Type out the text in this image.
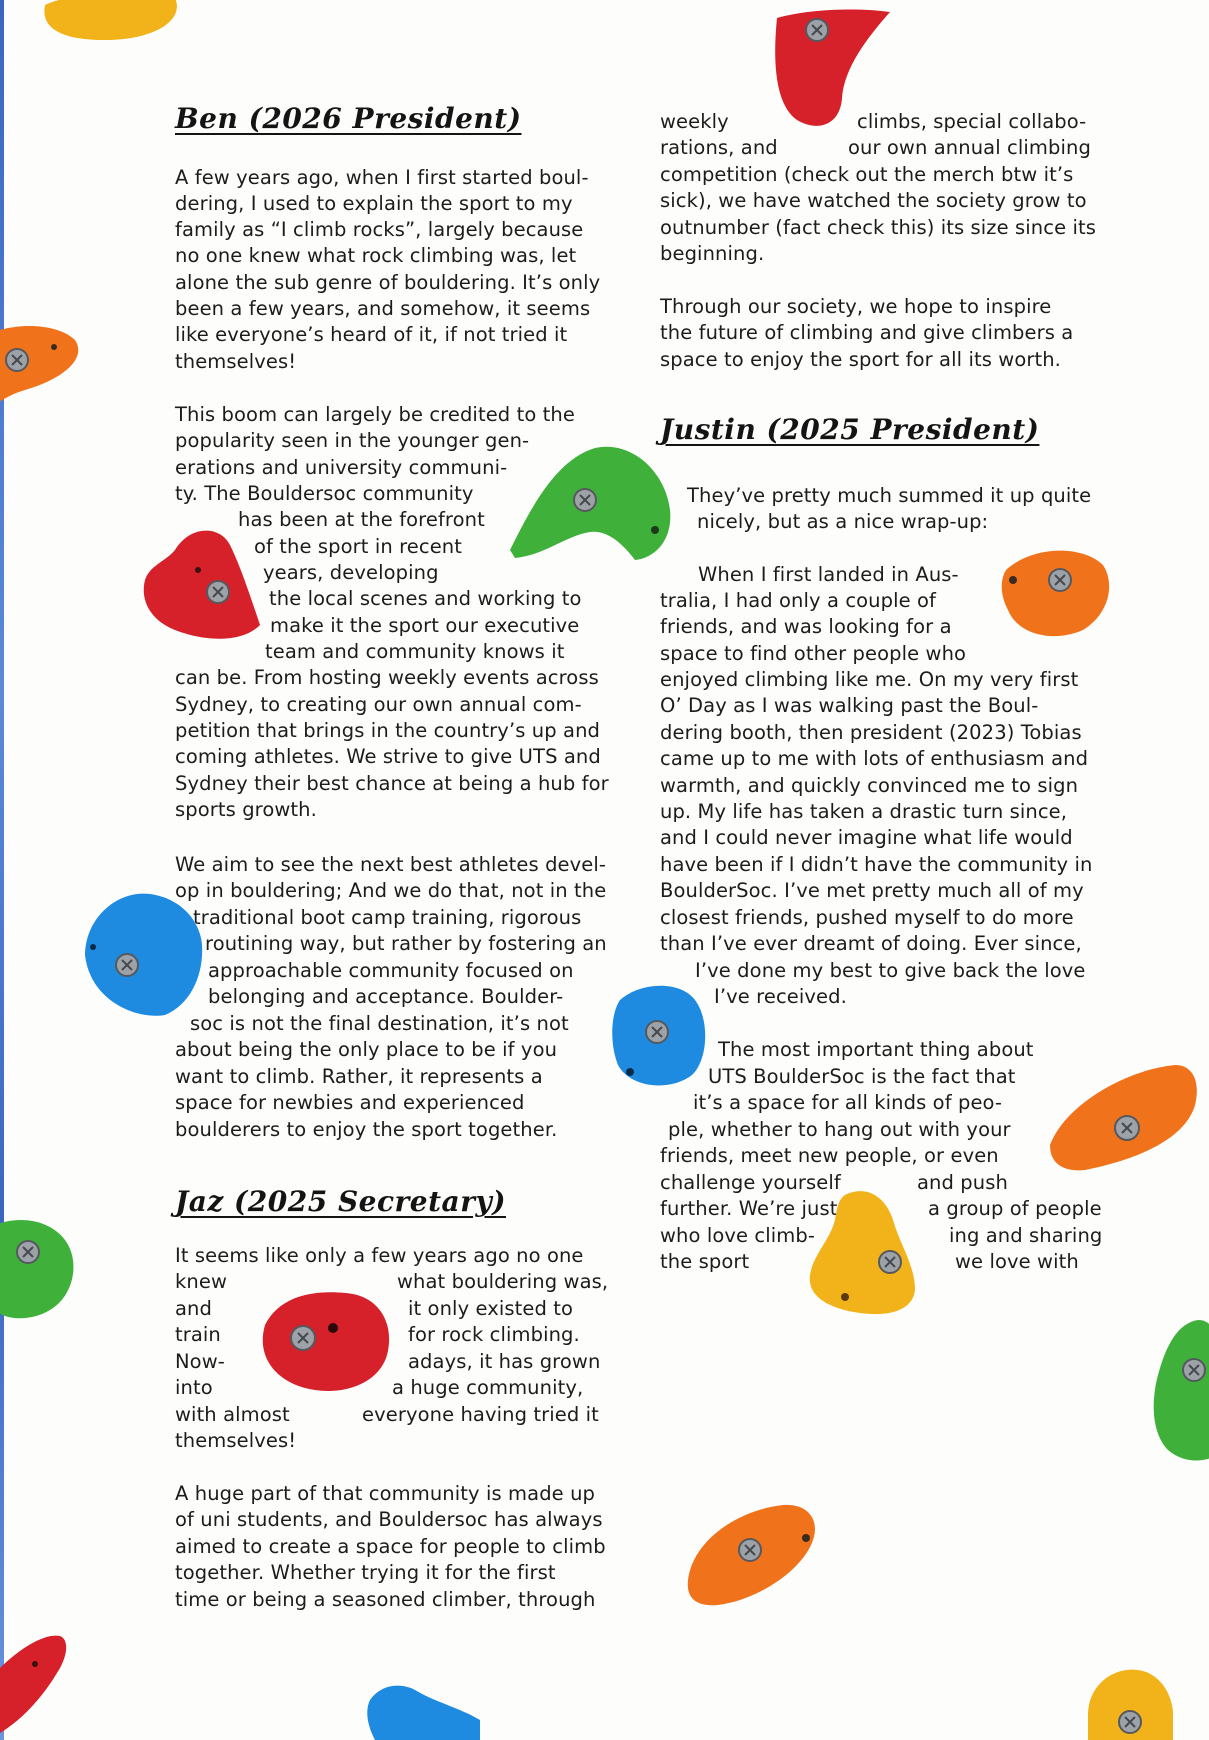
Ben (2026 President)
A few years ago, when I first started boul-
dering, I used to explain the sport to my
family as “I climb rocks”, largely because
no one knew what rock climbing was, let
alone the sub genre of bouldering. It’s only
been a few years, and somehow, it seems
like everyone’s heard of it, if not tried it
themselves!
This boom can largely be credited to the
popularity seen in the younger gen-
erations and university communi-
ty. The Bouldersoc community
has been at the forefront
of the sport in recent
years, developing
the local scenes and working to
make it the sport our executive
team and community knows it
can be. From hosting weekly events across
Sydney, to creating our own annual com-
petition that brings in the country’s up and
coming athletes. We strive to give UTS and
Sydney their best chance at being a hub for
sports growth.
We aim to see the next best athletes devel-
op in bouldering; And we do that, not in the
traditional boot camp training, rigorous
routining way, but rather by fostering an
approachable community focused on
belonging and acceptance. Boulder-
soc is not the final destination, it’s not
about being the only place to be if you
want to climb. Rather, it represents a
space for newbies and experienced
boulderers to enjoy the sport together.
Jaz (2025 Secretary)
It seems like only a few years ago no one
knew	what bouldering was,
and	it only existed to
train	for rock climbing.
Now-	adays, it has grown
into	a huge community,
with almost	everyone having tried it
themselves!
A huge part of that community is made up
of uni students, and Bouldersoc has always
aimed to create a space for people to climb
together. Whether trying it for the first
time or being a seasoned climber, through
weekly	climbs, special collabo-
rations, and	our own annual climbing
competition (check out the merch btw it’s
sick), we have watched the society grow to
outnumber (fact check this) its size since its
beginning.
Through our society, we hope to inspire
the future of climbing and give climbers a
space to enjoy the sport for all its worth.
Justin (2025 President)
They’ve pretty much summed it up quite
nicely, but as a nice wrap-up:
When I first landed in Aus-
tralia, I had only a couple of
friends, and was looking for a
space to find other people who
enjoyed climbing like me. On my very first
O’ Day as I was walking past the Boul-
dering booth, then president (2023) Tobias
came up to me with lots of enthusiasm and
warmth, and quickly convinced me to sign
up. My life has taken a drastic turn since,
and I could never imagine what life would
have been if I didn’t have the community in
BoulderSoc. I’ve met pretty much all of my
closest friends, pushed myself to do more
than I’ve ever dreamt of doing. Ever since,
I’ve done my best to give back the love
I’ve received.
The most important thing about
UTS BoulderSoc is the fact that
it’s a space for all kinds of peo-
ple, whether to hang out with your
friends, meet new people, or even
challenge yourself	and push
further. We’re just	a group of people
who love climb-	ing and sharing
the sport	we love with
